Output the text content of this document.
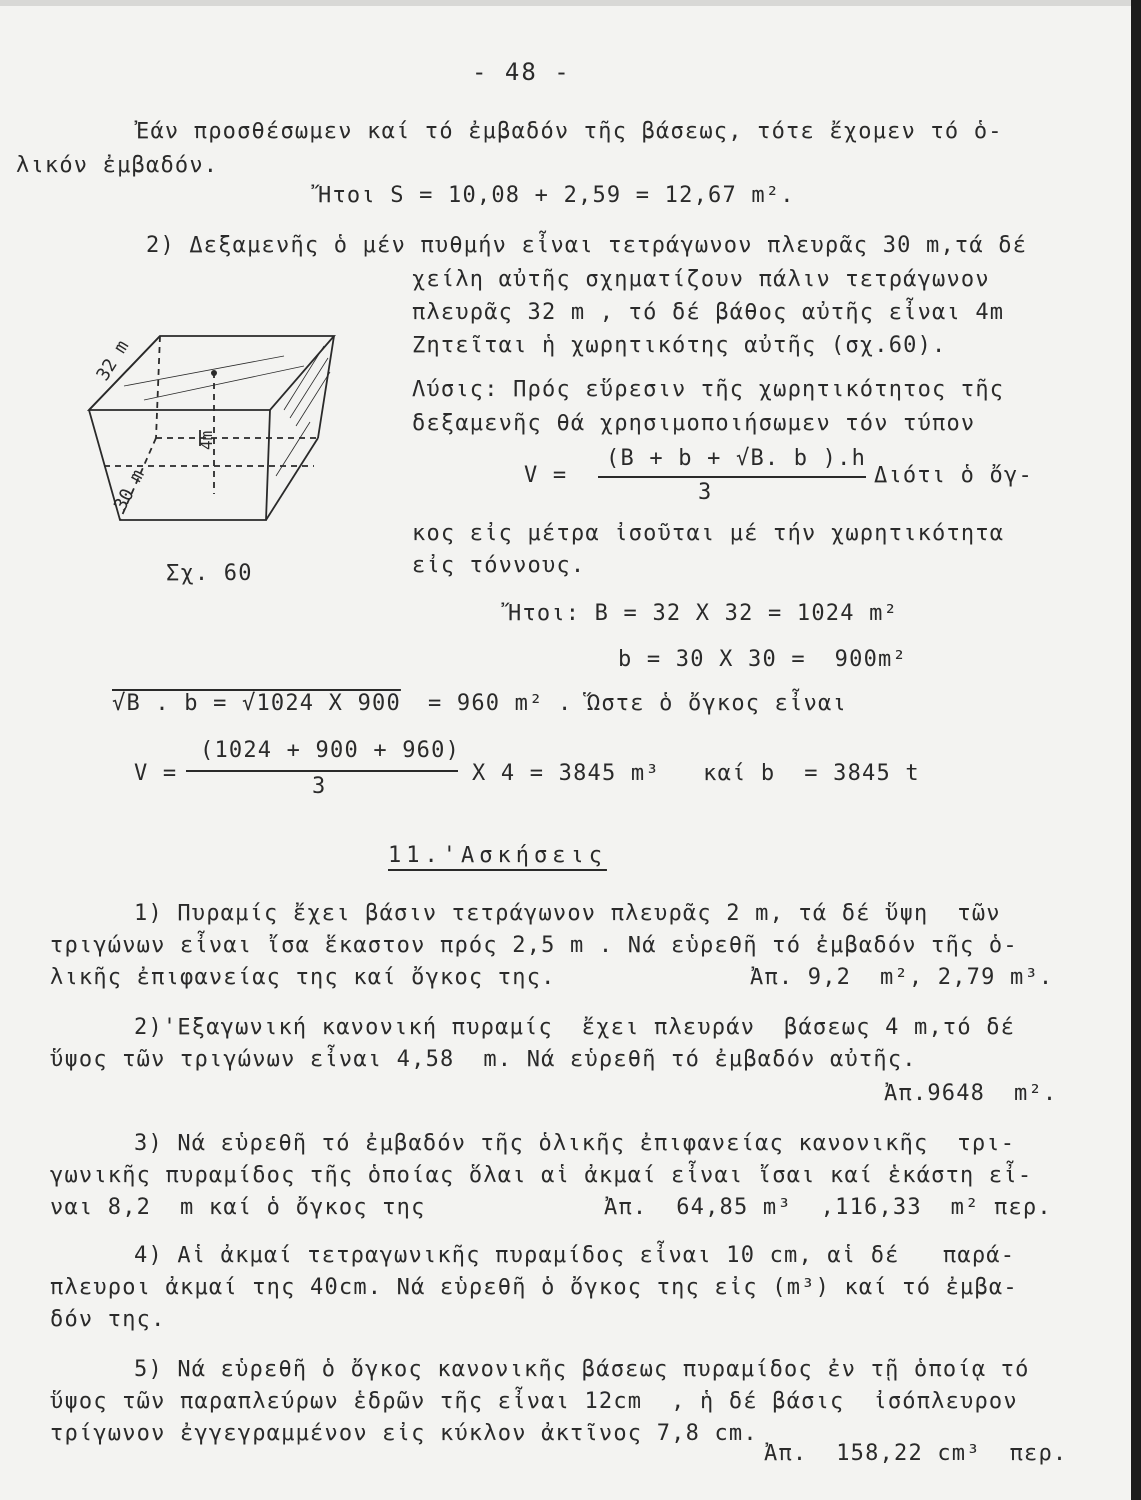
- 48 -
Ἐάν προσθέσωμεν καί τό ἐμβαδόν τῆς βάσεως, τότε ἔχομεν τό ὁ-
λικόν ἐμβαδόν.
Ἤτοι S = 10,08 + 2,59 = 12,67 m².
2) Δεξαμενῆς ὁ μέν πυθμήν εἶναι τετράγωνον πλευρᾶς 30 m,τά δέ
χείλη αὐτῆς σχηματίζουν πάλιν τετράγωνον
πλευρᾶς 32 m , τό δέ βάθος αὐτῆς εἶναι 4m
Ζητεῖται ἡ χωρητικότης αὐτῆς (σχ.60).
Λύσις: Πρός εὕρεσιν τῆς χωρητικότητος τῆς
δεξαμενῆς θά χρησιμοποιήσωμεν τόν τύπον
V =
(B + b + √B. b ).h
3
Διότι ὁ ὄγ-
κος εἰς μέτρα ἰσοῦται μέ τήν χωρητικότητα
εἰς τόννους.
32 m
30 m
4m
Σχ. 60
Ἤτοι: B = 32 X 32 = 1024 m²
b = 30 X 30 =  900m²
√B . b = √1024 X 900 = 960 m² . Ὥστε ὁ ὄγκος εἶναι
V =
(1024 + 900 + 960)
3
X 4 = 3845 m³   καί b  = 3845 t
11.'Ασκήσεις
1) Πυραμίς ἔχει βάσιν τετράγωνον πλευρᾶς 2 m, τά δέ ὕψη  τῶν
τριγώνων εἶναι ἴσα ἕκαστον πρός 2,5 m . Νά εὑρεθῆ τό ἐμβαδόν τῆς ὁ-
λικῆς ἐπιφανείας της καί ὄγκος της.	Ἀπ. 9,2  m², 2,79 m³.
2)'Εξαγωνική κανονική πυραμίς  ἔχει πλευράν  βάσεως 4 m,τό δέ
ὕψος τῶν τριγώνων εἶναι 4,58  m. Νά εὑρεθῆ τό ἐμβαδόν αὐτῆς.
Ἀπ.9648  m².
3) Νά εὑρεθῆ τό ἐμβαδόν τῆς ὁλικῆς ἐπιφανείας κανονικῆς  τρι-
γωνικῆς πυραμίδος τῆς ὁποίας ὅλαι αἱ ἀκμαί εἶναι ἴσαι καί ἑκάστη εἶ-
ναι 8,2  m καί ὁ ὄγκος της	Ἀπ.  64,85 m³  ,116,33  m² περ.
4) Αἱ ἀκμαί τετραγωνικῆς πυραμίδος εἶναι 10 cm, αἱ δέ   παρά-
πλευροι ἀκμαί της 40cm. Νά εὑρεθῆ ὁ ὄγκος της εἰς (m³) καί τό ἐμβα-
δόν της.
5) Νά εὑρεθῆ ὁ ὄγκος κανονικῆς βάσεως πυραμίδος ἐν τῇ ὁποίᾳ τό
ὕψος τῶν παραπλεύρων ἑδρῶν τῆς εἶναι 12cm  , ἡ δέ βάσις  ἰσόπλευρον
τρίγωνον ἐγγεγραμμένον εἰς κύκλον ἀκτῖνος 7,8 cm.
Ἀπ.  158,22 cm³  περ.
